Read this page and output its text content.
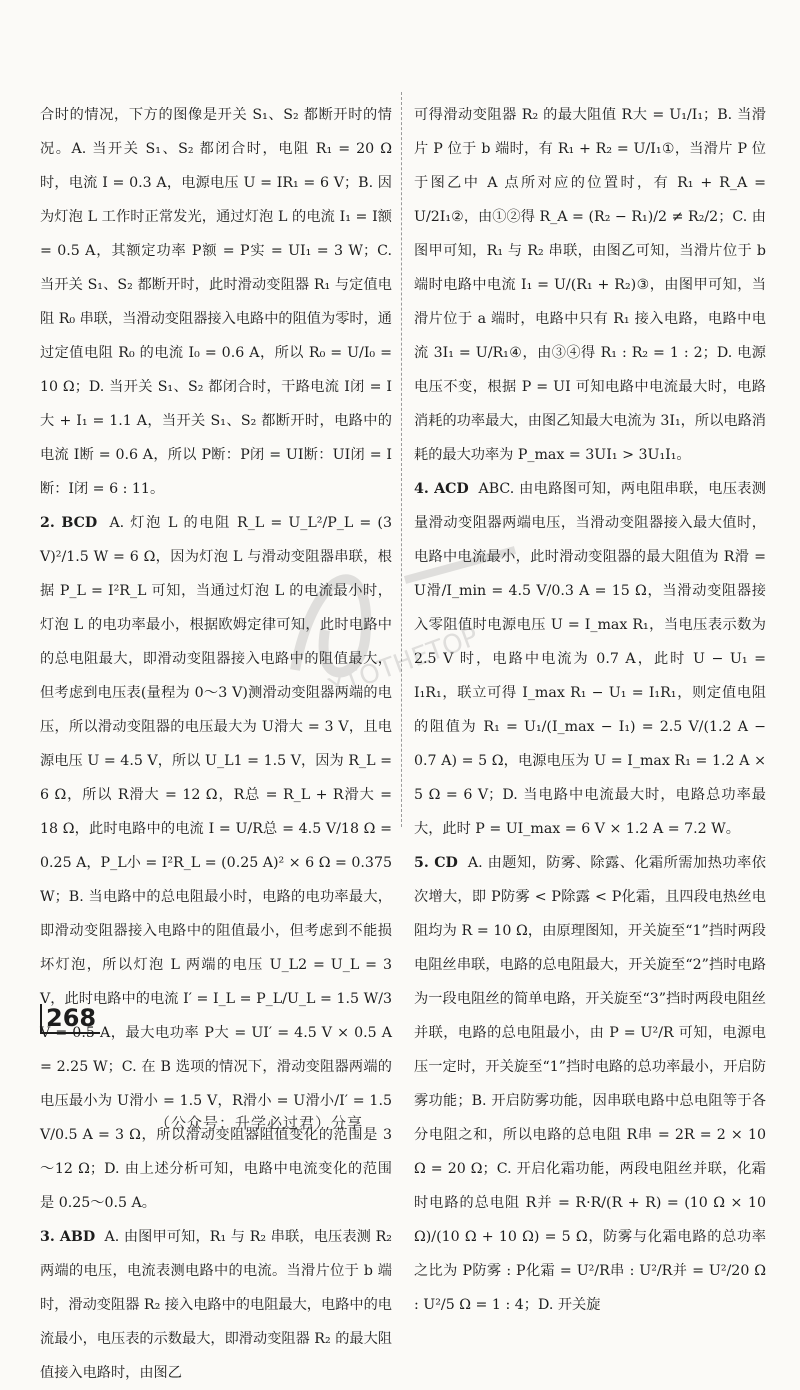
合时的情况，下方的图像是开关 S₁、S₂ 都断开时的情况。A. 当开关 S₁、S₂ 都闭合时，电阻 R₁ = 20 Ω 时，电流 I = 0.3 A，电源电压 U = IR₁ = 6 V；B. 因为灯泡 L 工作时正常发光，通过灯泡 L 的电流 I₁ = I额 = 0.5 A，其额定功率 P额 = P实 = UI₁ = 3 W；C. 当开关 S₁、S₂ 都断开时，此时滑动变阻器 R₁ 与定值电阻 R₀ 串联，当滑动变阻器接入电路中的阻值为零时，通过定值电阻 R₀ 的电流 I₀ = 0.6 A，所以 R₀ = U/I₀ = 10 Ω；D. 当开关 S₁、S₂ 都闭合时，干路电流 I闭 = I大 + I₁ = 1.1 A，当开关 S₁、S₂ 都断开时，电路中的电流 I断 = 0.6 A，所以 P断：P闭 = UI断：UI闭 = I断：I闭 = 6 : 11。

2. BCD A. 灯泡 L 的电阻 R_L = U_L²/P_L = (3 V)²/1.5 W = 6 Ω，因为灯泡 L 与滑动变阻器串联，根据 P_L = I²R_L 可知，当通过灯泡 L 的电流最小时，灯泡 L 的电功率最小，根据欧姆定律可知，此时电路中的总电阻最大，即滑动变阻器接入电路中的阻值最大，但考虑到电压表(量程为 0～3 V)测滑动变阻器两端的电压，所以滑动变阻器的电压最大为 U滑大 = 3 V，且电源电压 U = 4.5 V，所以 U_L1 = 1.5 V，因为 R_L = 6 Ω，所以 R滑大 = 12 Ω，R总 = R_L + R滑大 = 18 Ω，此时电路中的电流 I = U/R总 = 4.5 V/18 Ω = 0.25 A，P_L小 = I²R_L = (0.25 A)² × 6 Ω = 0.375 W；B. 当电路中的总电阻最小时，电路的电功率最大，即滑动变阻器接入电路中的阻值最小，但考虑到不能损坏灯泡，所以灯泡 L 两端的电压 U_L2 = U_L = 3 V，此时电路中的电流 I′ = I_L = P_L/U_L = 1.5 W/3 V = 0.5 A，最大电功率 P大 = UI′ = 4.5 V × 0.5 A = 2.25 W；C. 在 B 选项的情况下，滑动变阻器两端的电压最小为 U滑小 = 1.5 V，R滑小 = U滑小/I′ = 1.5 V/0.5 A = 3 Ω，所以滑动变阻器阻值变化的范围是 3～12 Ω；D. 由上述分析可知，电路中电流变化的范围是 0.25～0.5 A。

3. ABD A. 由图甲可知，R₁ 与 R₂ 串联，电压表测 R₂ 两端的电压，电流表测电路中的电流。当滑片位于 b 端时，滑动变阻器 R₂ 接入电路中的电阻最大，电路中的电流最小，电压表的示数最大，即滑动变阻器 R₂ 的最大阻值接入电路时，由图乙

可得滑动变阻器 R₂ 的最大阻值 R大 = U₁/I₁；B. 当滑片 P 位于 b 端时，有 R₁ + R₂ = U/I₁①，当滑片 P 位于图乙中 A 点所对应的位置时，有 R₁ + R_A = U/2I₁②，由①②得 R_A = (R₂ − R₁)/2 ≠ R₂/2；C. 由图甲可知，R₁ 与 R₂ 串联，由图乙可知，当滑片位于 b 端时电路中电流 I₁ = U/(R₁ + R₂)③，由图甲可知，当滑片位于 a 端时，电路中只有 R₁ 接入电路，电路中电流 3I₁ = U/R₁④，由③④得 R₁ : R₂ = 1 : 2；D. 电源电压不变，根据 P = UI 可知电路中电流最大时，电路消耗的功率最大，由图乙知最大电流为 3I₁，所以电路消耗的最大功率为 P_max = 3UI₁ > 3U₁I₁。

4. ACD ABC. 由电路图可知，两电阻串联，电压表测量滑动变阻器两端电压，当滑动变阻器接入最大值时，电路中电流最小，此时滑动变阻器的最大阻值为 R滑 = U滑/I_min = 4.5 V/0.3 A = 15 Ω，当滑动变阻器接入零阻值时电源电压 U = I_max R₁，当电压表示数为 2.5 V 时，电路中电流为 0.7 A，此时 U − U₁ = I₁R₁，联立可得 I_max R₁ − U₁ = I₁R₁，则定值电阻的阻值为 R₁ = U₁/(I_max − I₁) = 2.5 V/(1.2 A − 0.7 A) = 5 Ω，电源电压为 U = I_max R₁ = 1.2 A × 5 Ω = 6 V；D. 当电路中电流最大时，电路总功率最大，此时 P = UI_max = 6 V × 1.2 A = 7.2 W。

5. CD A. 由题知，防雾、除露、化霜所需加热功率依次增大，即 P防雾 < P除露 < P化霜，且四段电热丝电阻均为 R = 10 Ω，由原理图知，开关旋至“1”挡时两段电阻丝串联，电路的总电阻最大，开关旋至“2”挡时电路为一段电阻丝的简单电路，开关旋至“3”挡时两段电阻丝并联，电路的总电阻最小，由 P = U²/R 可知，电源电压一定时，开关旋至“1”挡时电路的总功率最小，开启防雾功能；B. 开启防雾功能，因串联电路中总电阻等于各分电阻之和，所以电路的总电阻 R串 = 2R = 2 × 10 Ω = 20 Ω；C. 开启化霜功能，两段电阻丝并联，化霜时电路的总电阻 R并 = R·R/(R + R) = (10 Ω × 10 Ω)/(10 Ω + 10 Ω) = 5 Ω，防雾与化霜电路的总功率之比为 P防雾 : P化霜 = U²/R串 : U²/R并 = U²/20 Ω : U²/5 Ω = 1 : 4；D. 开关旋

YTOTHETOP
268
（公众号：升学必过君）分享
